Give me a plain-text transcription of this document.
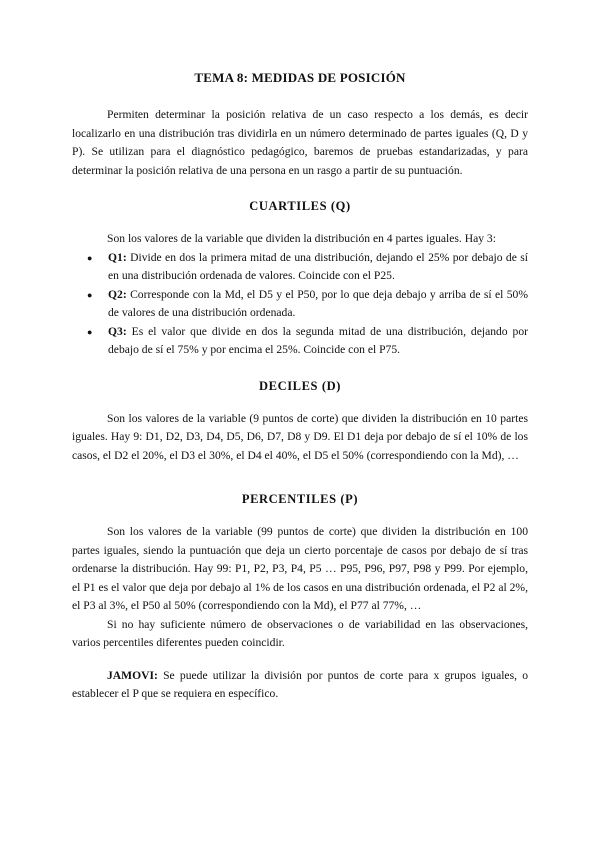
TEMA 8: MEDIDAS DE POSICIÓN

Permiten determinar la posición relativa de un caso respecto a los demás, es decir localizarlo en una distribución tras dividirla en un número determinado de partes iguales (Q, D y P). Se utilizan para el diagnóstico pedagógico, baremos de pruebas estandarizadas, y para determinar la posición relativa de una persona en un rasgo a partir de su puntuación.

CUARTILES (Q)

Son los valores de la variable que dividen la distribución en 4 partes iguales. Hay 3:

● Q1: Divide en dos la primera mitad de una distribución, dejando el 25% por debajo de sí en una distribución ordenada de valores. Coincide con el P25.
● Q2: Corresponde con la Md, el D5 y el P50, por lo que deja debajo y arriba de sí el 50% de valores de una distribución ordenada.
● Q3: Es el valor que divide en dos la segunda mitad de una distribución, dejando por debajo de sí el 75% y por encima el 25%. Coincide con el P75.
DECILES (D)

Son los valores de la variable (9 puntos de corte) que dividen la distribución en 10 partes iguales. Hay 9: D1, D2, D3, D4, D5, D6, D7, D8 y D9. El D1 deja por debajo de sí el 10% de los casos, el D2 el 20%, el D3 el 30%, el D4 el 40%, el D5 el 50% (correspondiendo con la Md), …

PERCENTILES (P)

Son los valores de la variable (99 puntos de corte) que dividen la distribución en 100 partes iguales, siendo la puntuación que deja un cierto porcentaje de casos por debajo de sí tras ordenarse la distribución. Hay 99: P1, P2, P3, P4, P5 … P95, P96, P97, P98 y P99. Por ejemplo, el P1 es el valor que deja por debajo al 1% de los casos en una distribución ordenada, el P2 al 2%, el P3 al 3%, el P50 al 50% (correspondiendo con la Md), el P77 al 77%, …

Si no hay suficiente número de observaciones o de variabilidad en las observaciones, varios percentiles diferentes pueden coincidir.

JAMOVI: Se puede utilizar la división por puntos de corte para x grupos iguales, o establecer el P que se requiera en específico.
